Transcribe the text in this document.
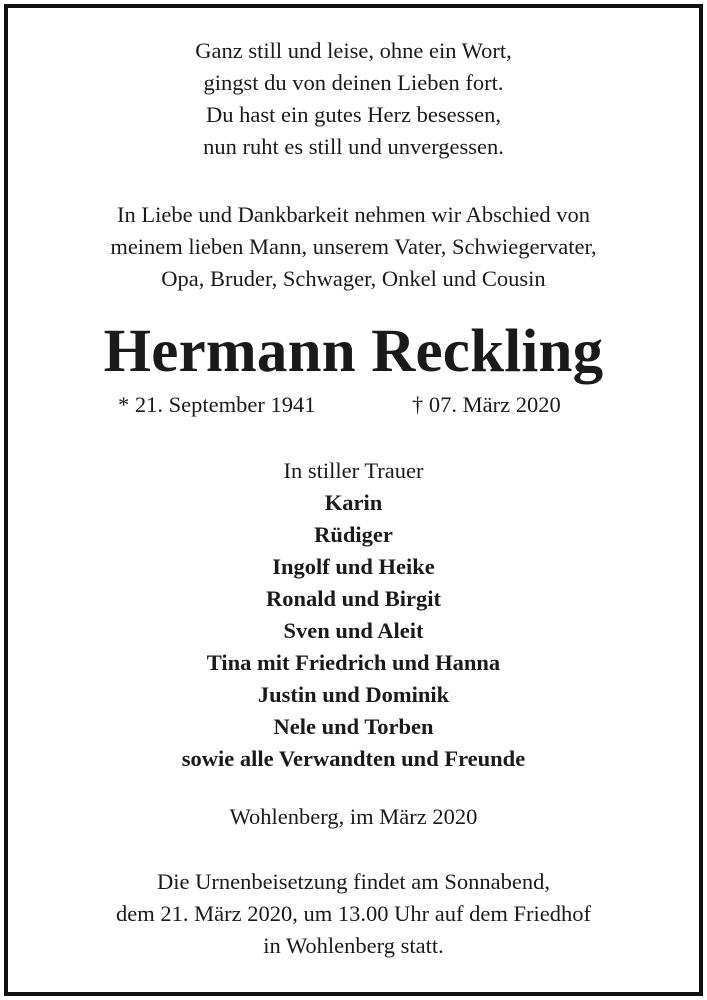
Ganz still und leise, ohne ein Wort,
gingst du von deinen Lieben fort.
Du hast ein gutes Herz besessen,
nun ruht es still und unvergessen.
In Liebe und Dankbarkeit nehmen wir Abschied von
meinem lieben Mann, unserem Vater, Schwiegervater,
Opa, Bruder, Schwager, Onkel und Cousin
Hermann Reckling
* 21. September 1941	† 07. März 2020
In stiller Trauer
Karin
Rüdiger
Ingolf und Heike
Ronald und Birgit
Sven und Aleit
Tina mit Friedrich und Hanna
Justin und Dominik
Nele und Torben
sowie alle Verwandten und Freunde
Wohlenberg, im März 2020
Die Urnenbeisetzung findet am Sonnabend,
dem 21. März 2020, um 13.00 Uhr auf dem Friedhof
in Wohlenberg statt.
